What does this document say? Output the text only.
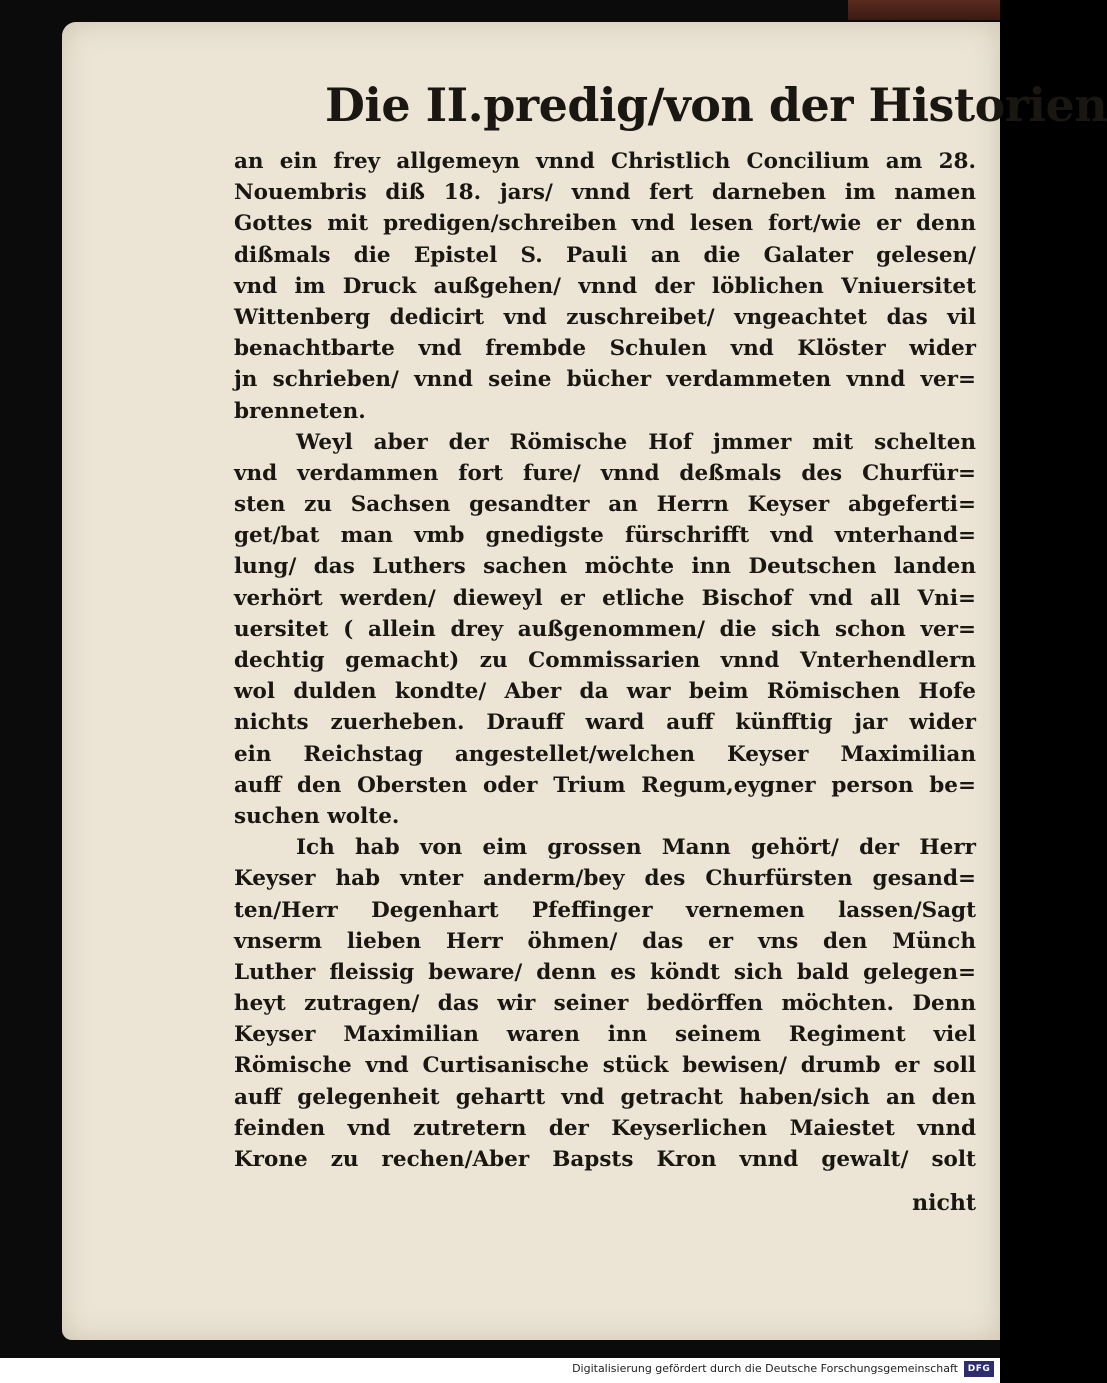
Die II.predig/von der Historien
an ein frey allgemeyn vnnd Christlich Concilium am 28.
Nouembris diß 18. jars/ vnnd fert darneben im namen
Gottes mit predigen/schreiben vnd lesen fort/wie er denn
dißmals die Epistel S. Pauli an die Galater gelesen/
vnd im Druck außgehen/ vnnd der löblichen Vniuersitet
Wittenberg dedicirt vnd zuschreibet/ vngeachtet das vil
benachtbarte vnd frembde Schulen vnd Klöster wider
jn schrieben/ vnnd seine bücher verdammeten vnnd ver=
brenneten.
Weyl aber der Römische Hof jmmer mit schelten
vnd verdammen fort fure/ vnnd deßmals des Churfür=
sten zu Sachsen gesandter an Herrn Keyser abgeferti=
get/bat man vmb gnedigste fürschrifft vnd vnterhand=
lung/ das Luthers sachen möchte inn Deutschen landen
verhört werden/ dieweyl er etliche Bischof vnd all Vni=
uersitet ( allein drey außgenommen/ die sich schon ver=
dechtig gemacht) zu Commissarien vnnd Vnterhendlern
wol dulden kondte/ Aber da war beim Römischen Hofe
nichts zuerheben. Drauff ward auff künfftig jar wider
ein Reichstag angestellet/welchen Keyser Maximilian
auff den Obersten oder Trium Regum,eygner person be=
suchen wolte.
Ich hab von eim grossen Mann gehört/ der Herr
Keyser hab vnter anderm/bey des Churfürsten gesand=
ten/Herr Degenhart Pfeffinger vernemen lassen/Sagt
vnserm lieben Herr öhmen/ das er vns den Münch
Luther fleissig beware/ denn es köndt sich bald gelegen=
heyt zutragen/ das wir seiner bedörffen möchten. Denn
Keyser Maximilian waren inn seinem Regiment viel
Römische vnd Curtisanische stück bewisen/ drumb er soll
auff gelegenheit gehartt vnd getracht haben/sich an den
feinden vnd zutretern der Keyserlichen Maiestet vnnd
Krone zu rechen/Aber Bapsts Kron vnnd gewalt/ solt
nicht
Digitalisierung gefördert durch die Deutsche Forschungsgemeinschaft	DFG
